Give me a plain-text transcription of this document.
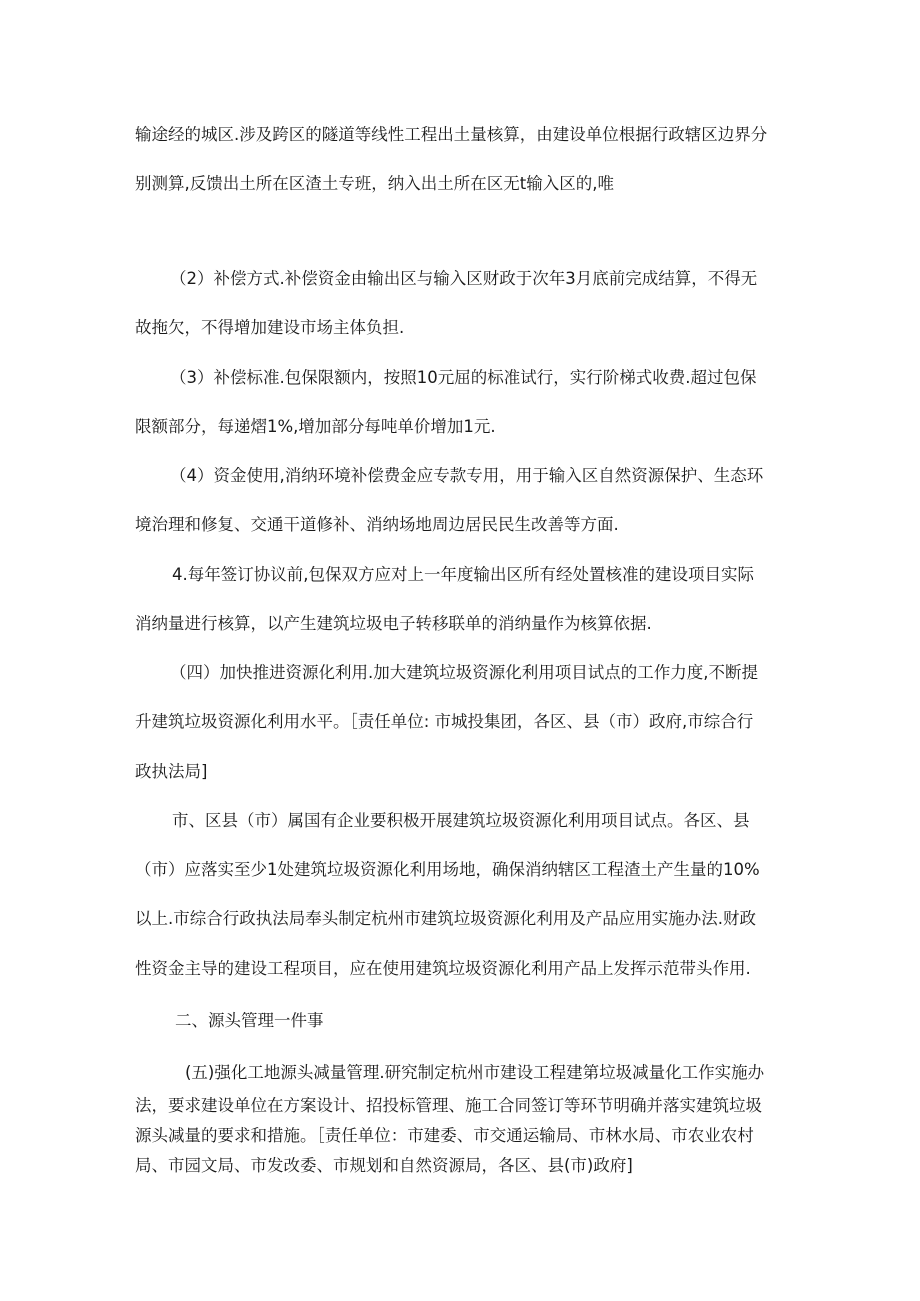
输途经的城区.涉及跨区的隧道等线性工程出土量核算，由建设单位根据行政辖区边界分

别测算,反馈出土所在区渣土专班，纳入出土所在区无t输入区的,唯

（2）补偿方式.补偿资金由输出区与输入区财政于次年3月底前完成结算，不得无

故拖欠，不得增加建设市场主体负担.

（3）补偿标准.包保限额内，按照10元屈的标准试行，实行阶梯式收费.超过包保

限额部分，每递熠1%,增加部分每吨单价增加1元.

（4）资金使用,消纳环境补偿费金应专款专用，用于输入区自然资源保护、生态环

境治理和修复、交通干道修补、消纳场地周边居民民生改善等方面.

4.每年签订协议前,包保双方应对上一年度输出区所有经处置核准的建设项目实际

消纳量进行核算，以产生建筑垃圾电子转移联单的消纳量作为核算依据.

（四）加快推进资源化利用.加大建筑垃圾资源化利用项目试点的工作力度,不断提

升建筑垃圾资源化利用水平。［责任单位: 市城投集团，各区、县（市）政府,市综合行

政执法局]

市、区县（市）属国有企业要积极开展建筑垃圾资源化利用项目试点。各区、县

（市）应落实至少1处建筑垃圾资源化利用场地，确保消纳辖区工程渣土产生量的10%

以上.市综合行政执法局奉头制定杭州市建筑垃圾资源化利用及产品应用实施办法.财政

性资金主导的建设工程项目，应在使用建筑垃圾资源化利用产品上发挥示范带头作用.

二、源头管理一件事

(五)强化工地源头减量管理.研究制定杭州市建设工程建第垃圾减量化工作实施办

法，要求建设单位在方案设计、招投标管理、施工合同签订等环节明确并落实建筑垃圾

源头减量的要求和措施。［责任单位：市建委、市交通运输局、市林水局、市农业农村

局、市园文局、市发改委、市规划和自然资源局，各区、县(市)政府]
